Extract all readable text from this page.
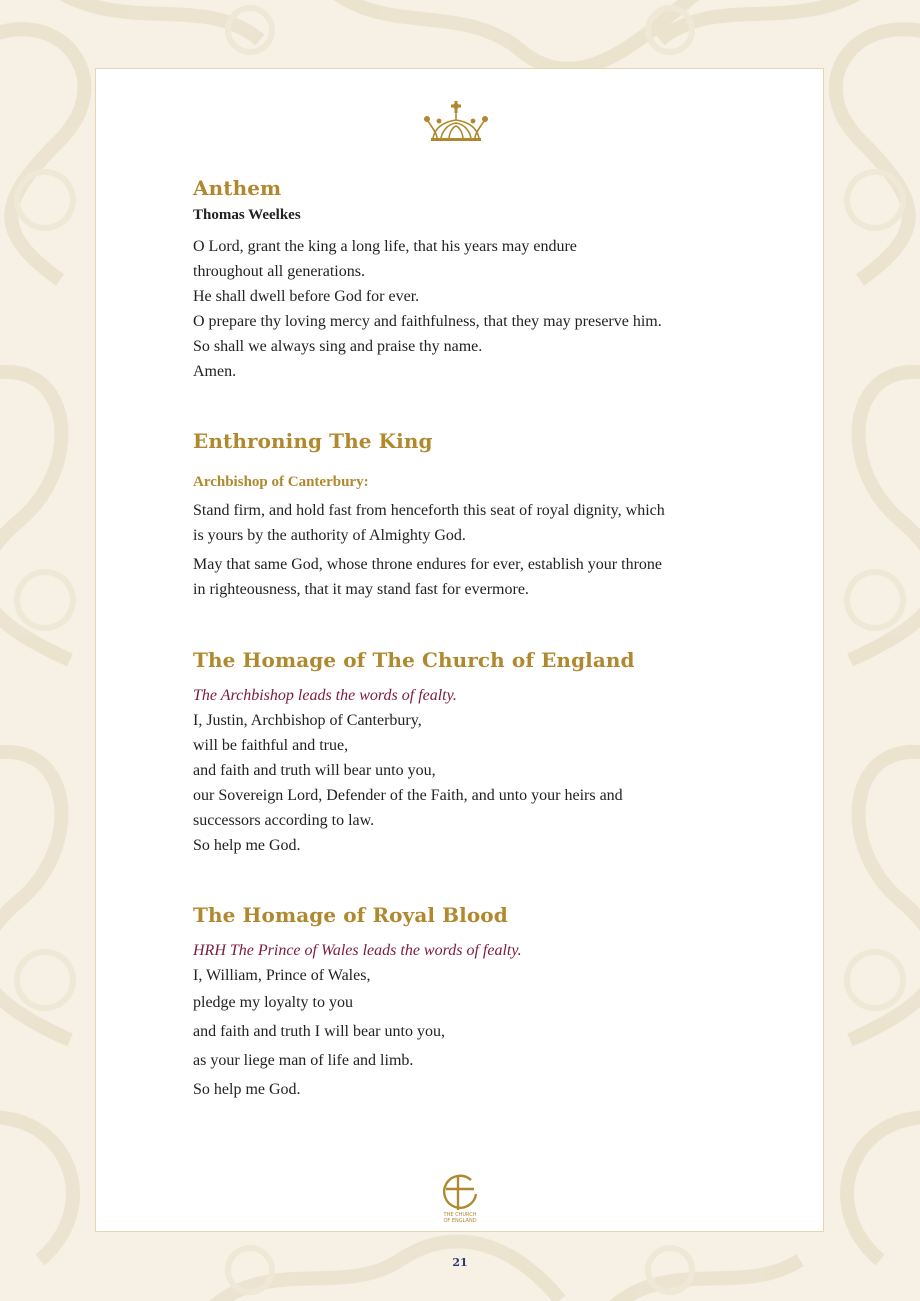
Anthem

Thomas Weelkes

O Lord, grant the king a long life, that his years may endure

throughout all generations.

He shall dwell before God for ever.

O prepare thy loving mercy and faithfulness, that they may preserve him.

So shall we always sing and praise thy name.

Amen.

Enthroning The King

Archbishop of Canterbury:

Stand firm, and hold fast from henceforth this seat of royal dignity, which

is yours by the authority of Almighty God.

May that same God, whose throne endures for ever, establish your throne

in righteousness, that it may stand fast for evermore.

The Homage of The Church of England

The Archbishop leads the words of fealty.

I, Justin, Archbishop of Canterbury,

will be faithful and true,

and faith and truth will bear unto you,

our Sovereign Lord, Defender of the Faith, and unto your heirs and

successors according to law.

So help me God.

The Homage of Royal Blood

HRH The Prince of Wales leads the words of fealty.

I, William, Prince of Wales,

pledge my loyalty to you

and faith and truth I will bear unto you,

as your liege man of life and limb.

So help me God.

THE CHURCH
OF ENGLAND
21
